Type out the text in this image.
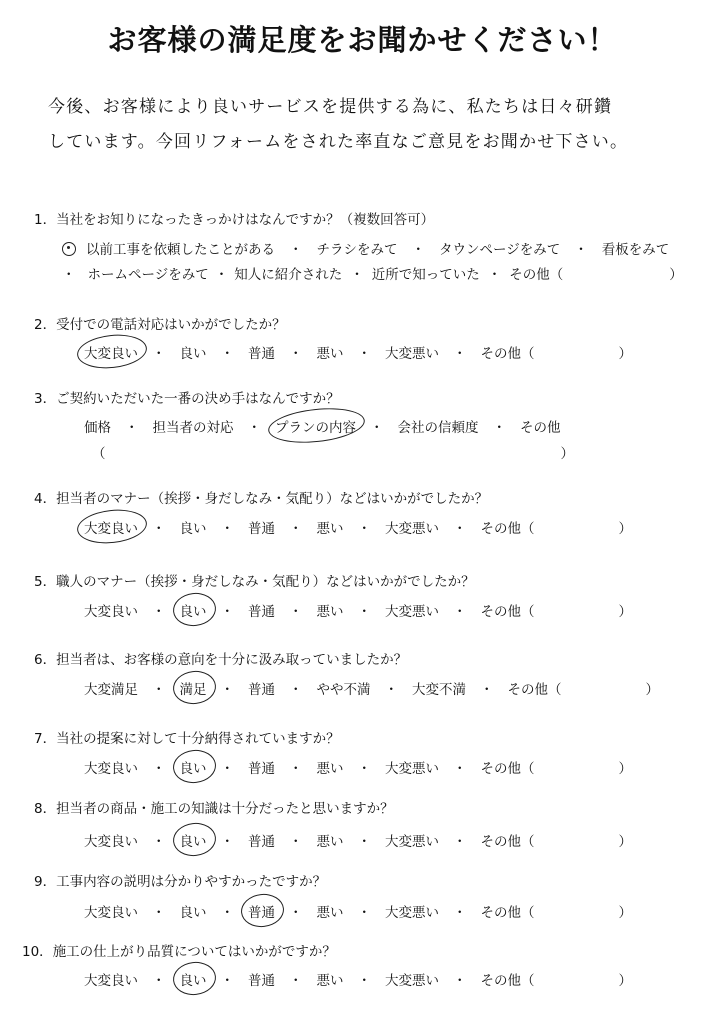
お客様の満足度をお聞かせください！
今後、お客様により良いサービスを提供する為に、私たちは日々研鑽
しています。今回リフォームをされた率直なご意見をお聞かせ下さい。
1．当社をお知りになったきっかけはなんですか？（複数回答可）
以前工事を依頼したことがある ・ チラシをみて ・ タウンページをみて ・ 看板をみて
・ ホームページをみて ・ 知人に紹介された ・ 近所で知っていた ・ その他（	）
2．受付での電話対応はいかがでしたか？
大変良い ・ 良い ・ 普通 ・ 悪い ・ 大変悪い ・ その他（	）
3．ご契約いただいた一番の決め手はなんですか？
価格 ・ 担当者の対応 ・ プランの内容 ・ 会社の信頼度 ・ その他
（	）
4．担当者のマナー（挨拶・身だしなみ・気配り）などはいかがでしたか？
大変良い ・ 良い ・ 普通 ・ 悪い ・ 大変悪い ・ その他（	）
5．職人のマナー（挨拶・身だしなみ・気配り）などはいかがでしたか？
大変良い ・ 良い ・ 普通 ・ 悪い ・ 大変悪い ・ その他（	）
6．担当者は、お客様の意向を十分に汲み取っていましたか？
大変満足 ・ 満足 ・ 普通 ・ やや不満 ・ 大変不満 ・ その他（	）
7．当社の提案に対して十分納得されていますか？
大変良い ・ 良い ・ 普通 ・ 悪い ・ 大変悪い ・ その他（	）
8．担当者の商品・施工の知識は十分だったと思いますか？
大変良い ・ 良い ・ 普通 ・ 悪い ・ 大変悪い ・ その他（	）
9．工事内容の説明は分かりやすかったですか？
大変良い ・ 良い ・ 普通 ・ 悪い ・ 大変悪い ・ その他（	）
10．施工の仕上がり品質についてはいかがですか？
大変良い ・ 良い ・ 普通 ・ 悪い ・ 大変悪い ・ その他（	）
